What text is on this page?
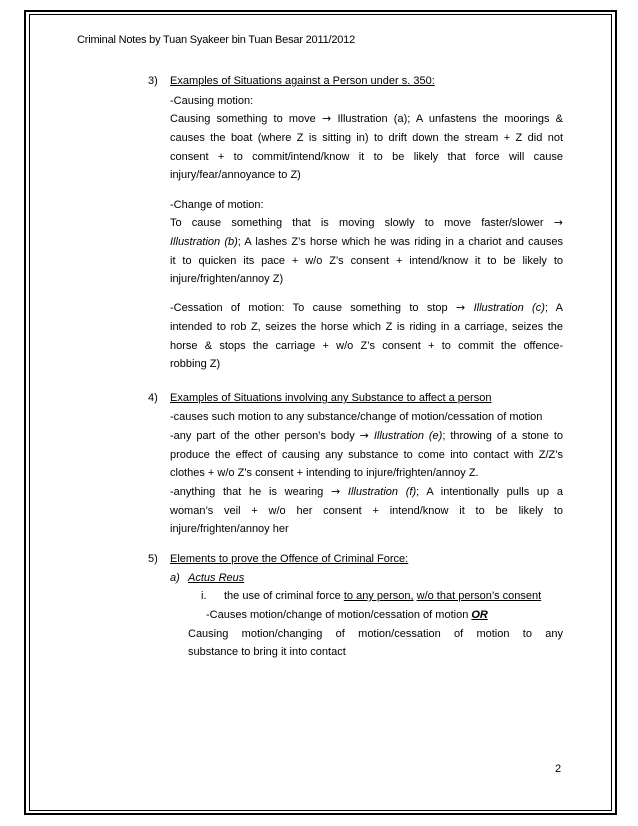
Criminal Notes by Tuan Syakeer bin Tuan Besar 2011/2012
3) Examples of Situations against a Person under s. 350:
-Causing motion:
Causing something to move → Illustration (a); A unfastens the moorings &
causes the boat (where Z is sitting in) to drift down the stream + Z did not
consent + to commit/intend/know it to be likely that force will cause
injury/fear/annoyance to Z)
-Change of motion:
To cause something that is moving slowly to move faster/slower →
Illustration (b); A lashes Z’s horse which he was riding in a chariot and causes
it to quicken its pace + w/o Z’s consent + intend/know it to be likely to
injure/frighten/annoy Z)
-Cessation of motion: To cause something to stop → Illustration (c); A
intended to rob Z, seizes the horse which Z is riding in a carriage, seizes the
horse & stops the carriage + w/o Z’s consent + to commit the offence-
robbing Z)
4) Examples of Situations involving any Substance to affect a person
-causes such motion to any substance/change of motion/cessation of motion
-any part of the other person’s body → Illustration (e); throwing of a stone to
produce the effect of causing any substance to come into contact with Z/Z’s
clothes + w/o Z’s consent + intending to injure/frighten/annoy Z.
-anything that he is wearing → Illustration (f); A intentionally pulls up a
woman’s veil + w/o her consent + intend/know it to be likely to
injure/frighten/annoy her
5) Elements to prove the Offence of Criminal Force:
a) Actus Reus
i. the use of criminal force to any person, w/o that person’s consent
-Causes motion/change of motion/cessation of motion OR
Causing motion/changing of motion/cessation of motion to any
substance to bring it into contact
2
